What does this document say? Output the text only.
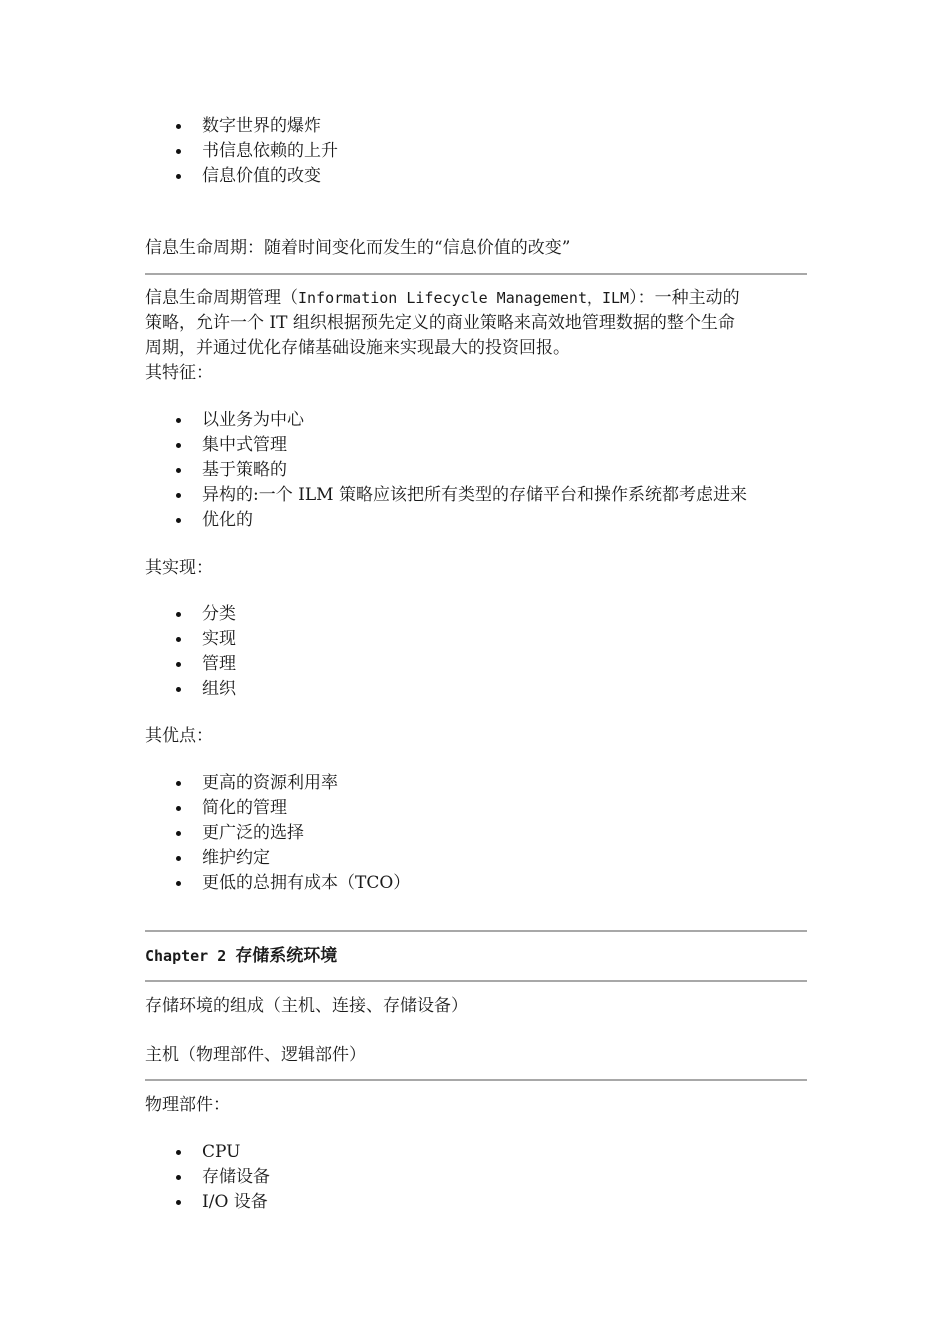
数字世界的爆炸
书信息依赖的上升
信息价值的改变
信息生命周期：随着时间变化而发生的“信息价值的改变”
信息生命周期管理（Information Lifecycle Management，ILM）：一种主动的
策略，允许一个 IT 组织根据预先定义的商业策略来高效地管理数据的整个生命
周期，并通过优化存储基础设施来实现最大的投资回报。
其特征：
以业务为中心
集中式管理
基于策略的
异构的:一个 ILM 策略应该把所有类型的存储平台和操作系统都考虑进来
优化的
其实现：
分类
实现
管理
组织
其优点：
更高的资源利用率
简化的管理
更广泛的选择
维护约定
更低的总拥有成本（TCO）
Chapter 2 存储系统环境
存储环境的组成（主机、连接、存储设备）
主机（物理部件、逻辑部件）
物理部件：
CPU
存储设备
I/O 设备
